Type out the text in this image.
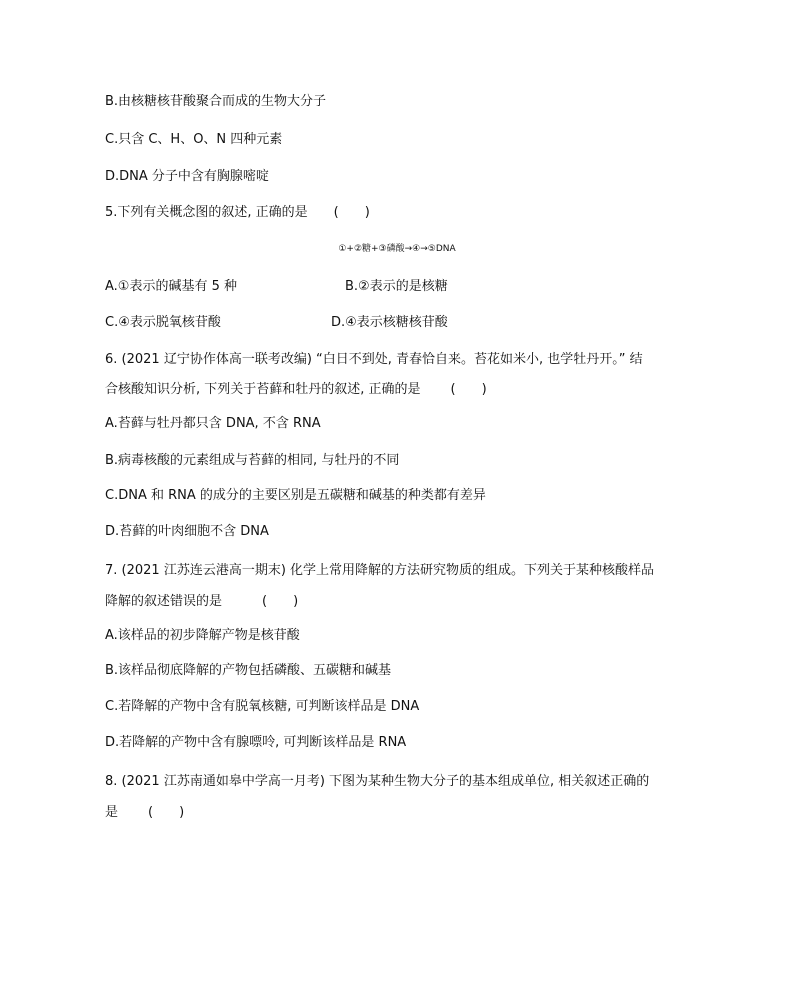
B.由核糖核苷酸聚合而成的生物大分子
C.只含 C、H、O、N 四种元素
D.DNA 分子中含有胸腺嘧啶
5.下列有关概念图的叙述, 正确的是 (　　)
①+②糖+③磷酸→④→⑤DNA
A.①表示的碱基有 5 种	B.②表示的是核糖
C.④表示脱氧核苷酸	D.④表示核糖核苷酸
6. (2021 辽宁协作体高一联考改编) “白日不到处, 青春恰自来。苔花如米小, 也学牡丹开。” 结
合核酸知识分析, 下列关于苔藓和牡丹的叙述, 正确的是 (　　)
A.苔藓与牡丹都只含 DNA, 不含 RNA
B.病毒核酸的元素组成与苔藓的相同, 与牡丹的不同
C.DNA 和 RNA 的成分的主要区别是五碳糖和碱基的种类都有差异
D.苔藓的叶肉细胞不含 DNA
7. (2021 江苏连云港高一期末) 化学上常用降解的方法研究物质的组成。下列关于某种核酸样品
降解的叙述错误的是	(　　)
A.该样品的初步降解产物是核苷酸
B.该样品彻底降解的产物包括磷酸、五碳糖和碱基
C.若降解的产物中含有脱氧核糖, 可判断该样品是 DNA
D.若降解的产物中含有腺嘌呤, 可判断该样品是 RNA
8. (2021 江苏南通如皋中学高一月考) 下图为某种生物大分子的基本组成单位, 相关叙述正确的
是 (　　)
